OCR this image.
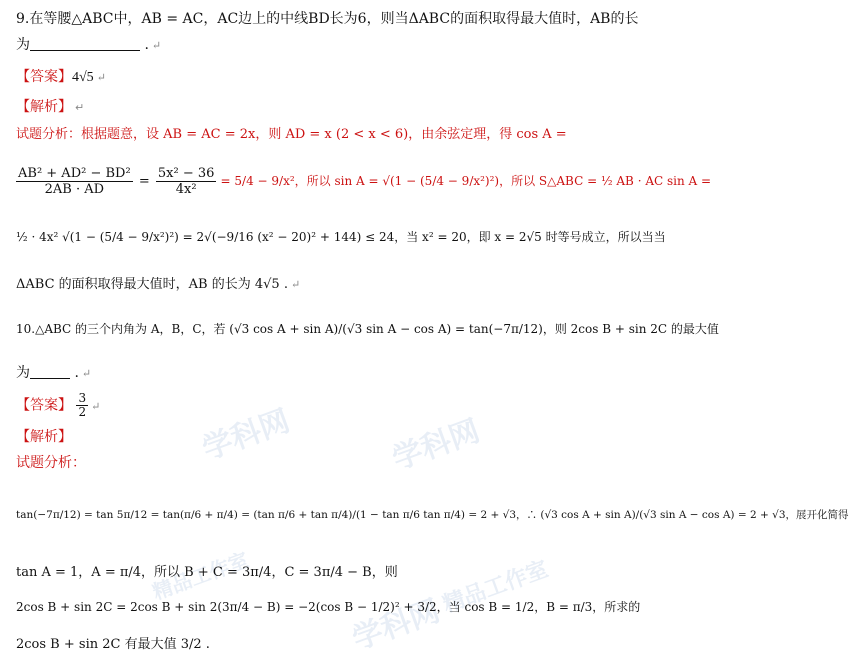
学科网	学科网
精品工作室	精品工作室
学科网
9.在等腰△ABC中，AB = AC，AC边上的中线BD长为6，则当ΔABC的面积取得最大值时，AB的长
为	. ↵
【答案】4√5 ↵
【解析】 ↵
试题分析：根据题意，设 AB = AC = 2x，则 AD = x (2 < x < 6)，由余弦定理，得 cos A =
$\frac{\text{AB² + AD² − BD²}}{2AB \cdot AD} = \frac{\text{5x² − 36}}{\text{4x²}} = 5/4 - 9/x^2$，所以 sin A = √(1 − (5/4 − 9/x²)²)，所以 S△ABC = ½ AB · AC sin A =
½ · 4x² √(1 − (5/4 − 9/x²)²) = 2√(−9/16 (x² − 20)² + 144) ≤ 24，当 x² = 20，即 x = 2√5 时等号成立，所以当当
ΔABC 的面积取得最大值时，AB 的长为 4√5 . ↵
10.△ABC 的三个内角为 A，B，C，若 (√3 cos A + sin A)/(√3 sin A − cos A) = tan(−7π/12)，则 2cos B + sin 2C 的最大值
为	. ↵
【答案】 $\frac{3}{2}$ ↵
【解析】
试题分析：
tan(−7π/12) = tan 5π/12 = tan(π/6 + π/4) = (tan π/6 + tan π/4)/(1 − tan π/6 tan π/4) = 2 + √3，∴ (√3 cos A + sin A)/(√3 sin A − cos A) = 2 + √3，展开化简得
tan A = 1，A = π/4，所以 B + C = 3π/4，C = 3π/4 − B，则
2cos B + sin 2C = 2cos B + sin 2(3π/4 − B) = −2(cos B − 1/2)² + 3/2，当 cos B = 1/2，B = π/3，所求的
2cos B + sin 2C 有最大值 3/2 .
